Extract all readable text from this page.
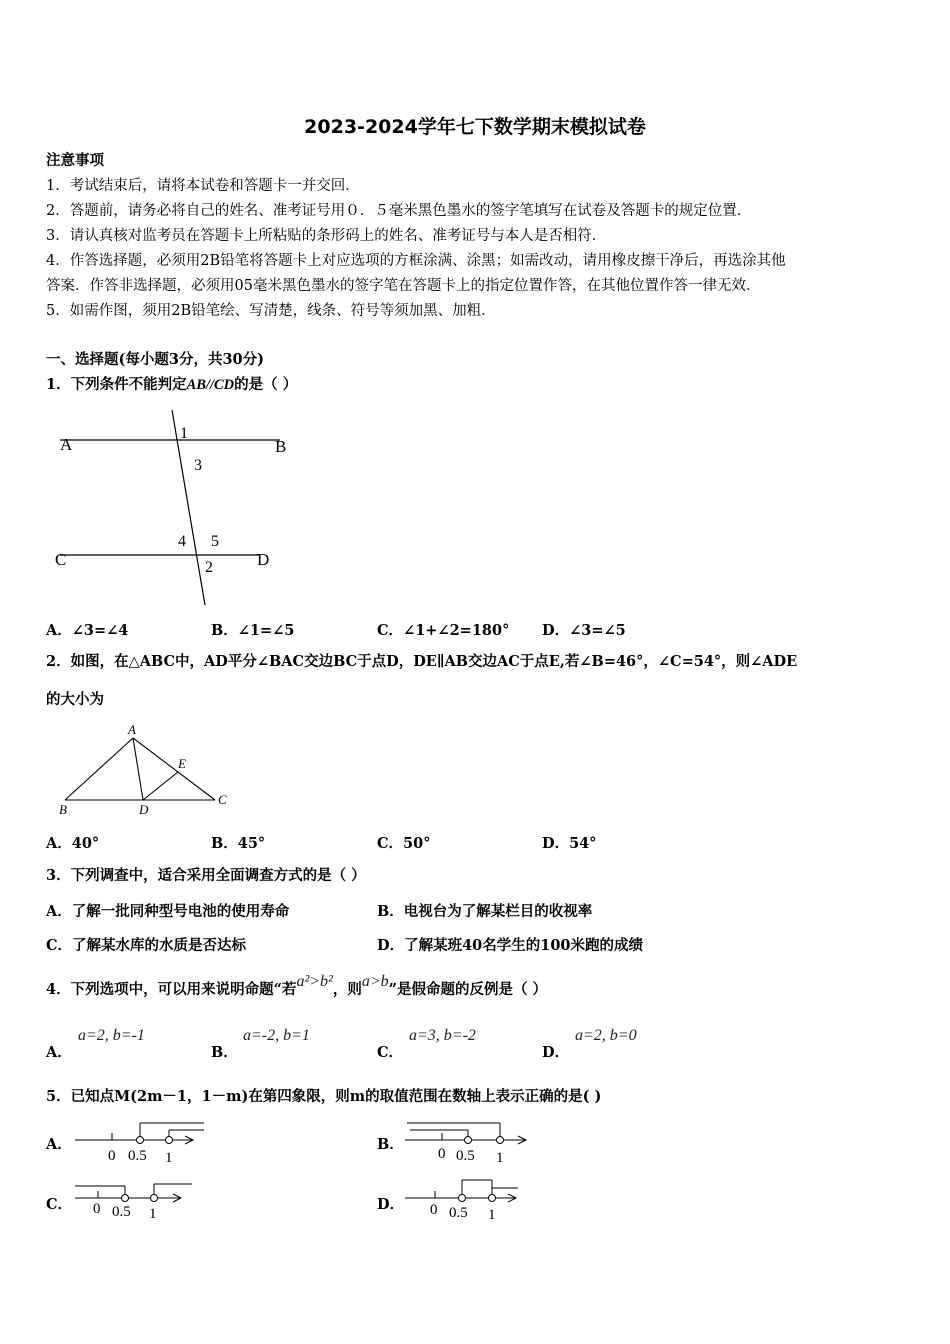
2023-2024学年七下数学期末模拟试卷
注意事项
1．考试结束后，请将本试卷和答题卡一并交回．
2．答题前，请务必将自己的姓名、准考证号用０．５毫米黑色墨水的签字笔填写在试卷及答题卡的规定位置．
3．请认真核对监考员在答题卡上所粘贴的条形码上的姓名、准考证号与本人是否相符．
4．作答选择题，必须用2B铅笔将答题卡上对应选项的方框涂满、涂黑；如需改动，请用橡皮擦干净后，再选涂其他
答案．作答非选择题，必须用05毫米黑色墨水的签字笔在答题卡上的指定位置作答，在其他位置作答一律无效．
5．如需作图，须用2B铅笔绘、写清楚，线条、符号等须加黑、加粗．
一、选择题(每小题3分，共30分)
1．下列条件不能判定AB//CD的是（ ）
A	B
C	D
1
3
4 5
2
A．∠3=∠4	B．∠1=∠5	C．∠1+∠2=180° D．∠3=∠5
2．如图，在△ABC中，AD平分∠BAC交边BC于点D，DE∥AB交边AC于点E,若∠B=46°，∠C=54°，则∠ADE
的大小为
A
B
C
D
E
A．40°	B．45°	C．50°	D．54°
3．下列调查中，适合采用全面调查方式的是（ ）
A．了解一批同种型号电池的使用寿命	B．电视台为了解某栏目的收视率
C．了解某水库的水质是否达标	D．了解某班40名学生的100米跑的成绩
4．下列选项中，可以用来说明命题“若a²>b²，则a>b”是假命题的反例是（ ）
A．
a=2, b=-1
B．
a=-2, b=1
C．
a=3, b=-2
D．
a=2, b=0
5．已知点M(2m－1，1－m)在第四象限，则m的取值范围在数轴上表示正确的是( )
A．
0 0.5 1
B．
0 0.5 1
C． 0 0.5 1
D． 0 0.5 1
